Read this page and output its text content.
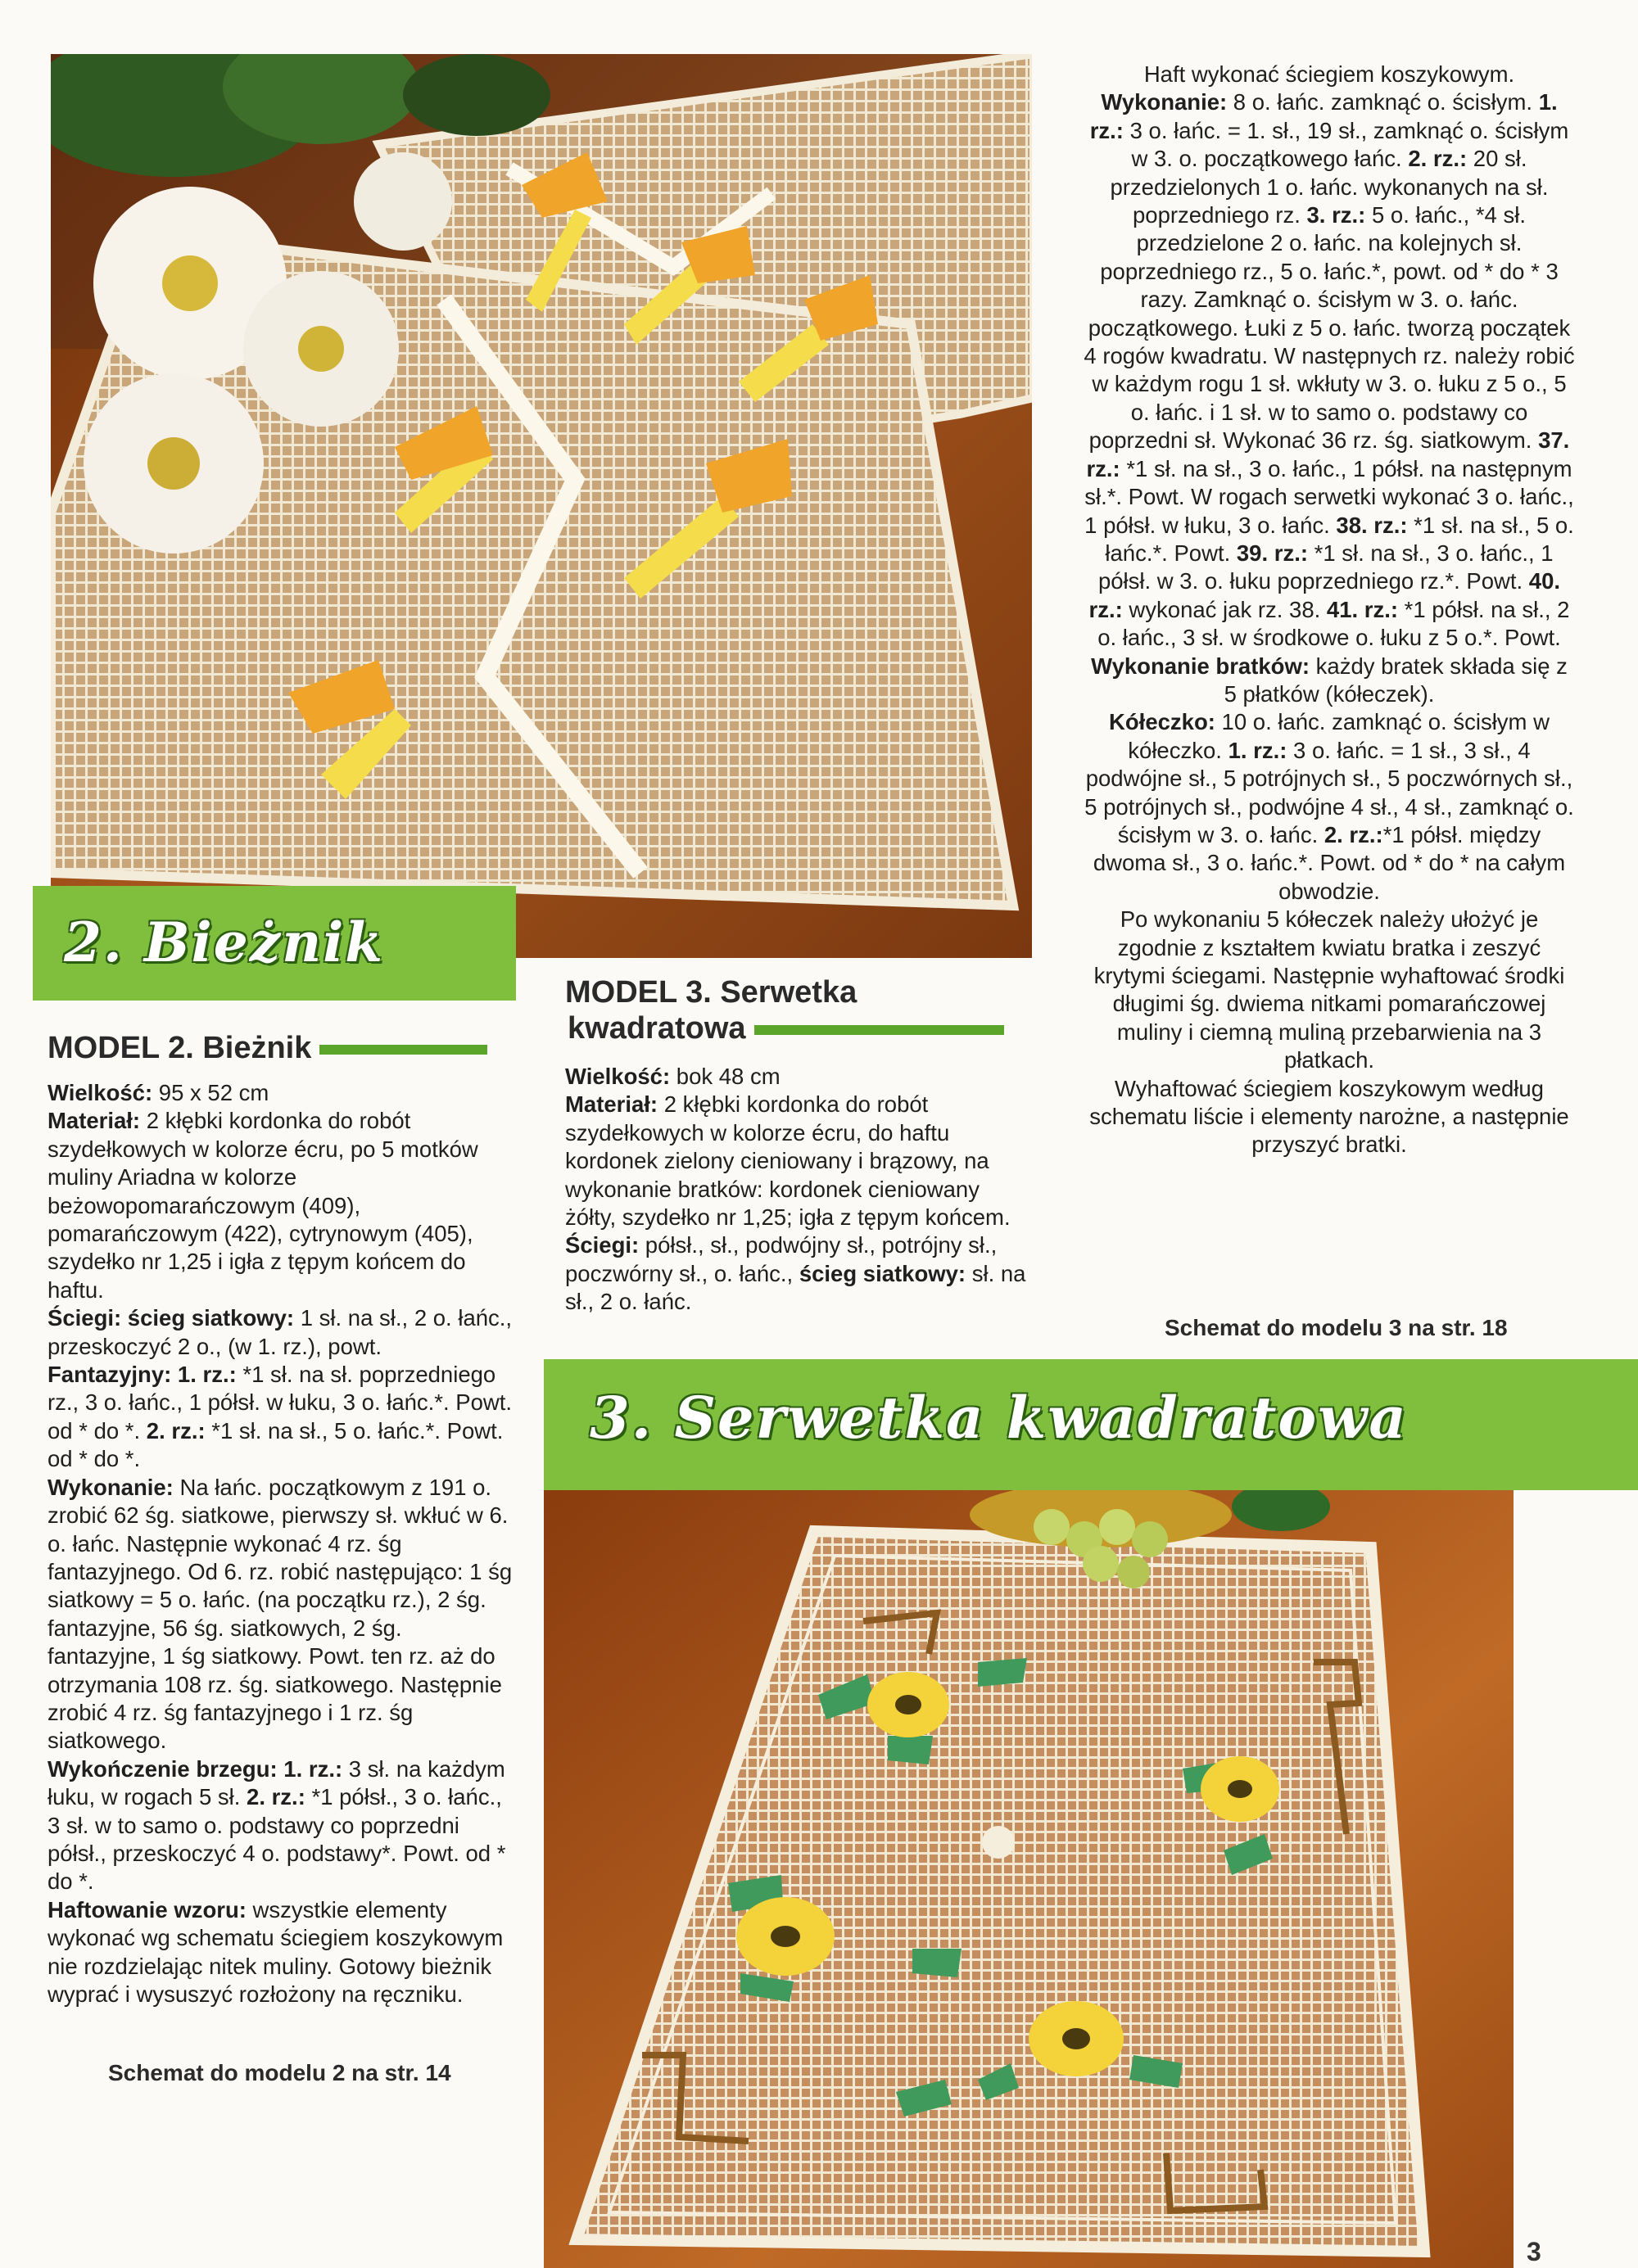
2. Bieżnik
MODEL 2. Bieżnik

Wielkość: 95 x 52 cm

Materiał: 2 kłębki kordonka do robót szydełkowych w kolorze écru, po 5 motków muliny Ariadna w kolorze beżowopomarańczowym (409), pomarańczowym (422), cytrynowym (405), szydełko nr 1,25 i igła z tępym końcem do haftu.

Ściegi: ścieg siatkowy: 1 sł. na sł., 2 o. łańc., przeskoczyć 2 o., (w 1. rz.), powt.

Fantazyjny: 1. rz.: *1 sł. na sł. poprzedniego rz., 3 o. łańc., 1 półsł. w łuku, 3 o. łańc.*. Powt. od * do *. 2. rz.: *1 sł. na sł., 5 o. łańc.*. Powt. od * do *.

Wykonanie: Na łańc. początkowym z 191 o. zrobić 62 śg. siatkowe, pierwszy sł. wkłuć w 6. o. łańc. Następnie wykonać 4 rz. śg fantazyjnego. Od 6. rz. robić następująco: 1 śg siatkowy = 5 o. łańc. (na początku rz.), 2 śg. fantazyjne, 56 śg. siatkowych, 2 śg. fantazyjne, 1 śg siatkowy. Powt. ten rz. aż do otrzymania 108 rz. śg. siatkowego. Następnie zrobić 4 rz. śg fantazyjnego i 1 rz. śg siatkowego.

Wykończenie brzegu: 1. rz.: 3 sł. na każdym łuku, w rogach 5 sł. 2. rz.: *1 półsł., 3 o. łańc., 3 sł. w to samo o. podstawy co poprzedni półsł., przeskoczyć 4 o. podstawy*. Powt. od * do *.

Haftowanie wzoru: wszystkie elementy wykonać wg schematu ściegiem koszykowym nie rozdzielając nitek muliny. Gotowy bieżnik wyprać i wysuszyć rozłożony na ręczniku.

Schemat do modelu 2 na str. 14
MODEL 3. Serwetka
kwadratowa

Wielkość: bok 48 cm

Materiał: 2 kłębki kordonka do robót szydełkowych w kolorze écru, do haftu kordonek zielony cieniowany i brązowy, na wykonanie bratków: kordonek cieniowany żółty, szydełko nr 1,25; igła z tępym końcem.

Ściegi: półsł., sł., podwójny sł., potrójny sł., poczwórny sł., o. łańc., ścieg siatkowy: sł. na sł., 2 o. łańc.

Haft wykonać ściegiem koszykowym.

Wykonanie: 8 o. łańc. zamknąć o. ścisłym. 1. rz.: 3 o. łańc. = 1. sł., 19 sł., zamknąć o. ścisłym w 3. o. początkowego łańc. 2. rz.: 20 sł. przedzielonych 1 o. łańc. wykonanych na sł. poprzedniego rz. 3. rz.: 5 o. łańc., *4 sł. przedzielone 2 o. łańc. na kolejnych sł. poprzedniego rz., 5 o. łańc.*, powt. od * do * 3 razy. Zamknąć o. ścisłym w 3. o. łańc. początkowego. Łuki z 5 o. łańc. tworzą początek 4 rogów kwadratu. W następnych rz. należy robić w każdym rogu 1 sł. wkłuty w 3. o. łuku z 5 o., 5 o. łańc. i 1 sł. w to samo o. podstawy co poprzedni sł. Wykonać 36 rz. śg. siatkowym. 37. rz.: *1 sł. na sł., 3 o. łańc., 1 półsł. na następnym sł.*. Powt. W rogach serwetki wykonać 3 o. łańc., 1 półsł. w łuku, 3 o. łańc. 38. rz.: *1 sł. na sł., 5 o. łańc.*. Powt. 39. rz.: *1 sł. na sł., 3 o. łańc., 1 półsł. w 3. o. łuku poprzedniego rz.*. Powt. 40. rz.: wykonać jak rz. 38. 41. rz.: *1 półsł. na sł., 2 o. łańc., 3 sł. w środkowe o. łuku z 5 o.*. Powt.

Wykonanie bratków: każdy bratek składa się z 5 płatków (kółeczek).

Kółeczko: 10 o. łańc. zamknąć o. ścisłym w kółeczko. 1. rz.: 3 o. łańc. = 1 sł., 3 sł., 4 podwójne sł., 5 potrójnych sł., 5 poczwórnych sł., 5 potrójnych sł., podwójne 4 sł., 4 sł., zamknąć o. ścisłym w 3. o. łańc. 2. rz.:*1 półsł. między dwoma sł., 3 o. łańc.*. Powt. od * do * na całym obwodzie.

Po wykonaniu 5 kółeczek należy ułożyć je zgodnie z kształtem kwiatu bratka i zeszyć krytymi ściegami. Następnie wyhaftować środki długimi śg. dwiema nitkami pomarańczowej muliny i ciemną muliną przebarwienia na 3 płatkach.

Wyhaftować ściegiem koszykowym według schematu liście i elementy narożne, a następnie przyszyć bratki.

Schemat do modelu 3 na str. 18
3. Serwetka kwadratowa
3
